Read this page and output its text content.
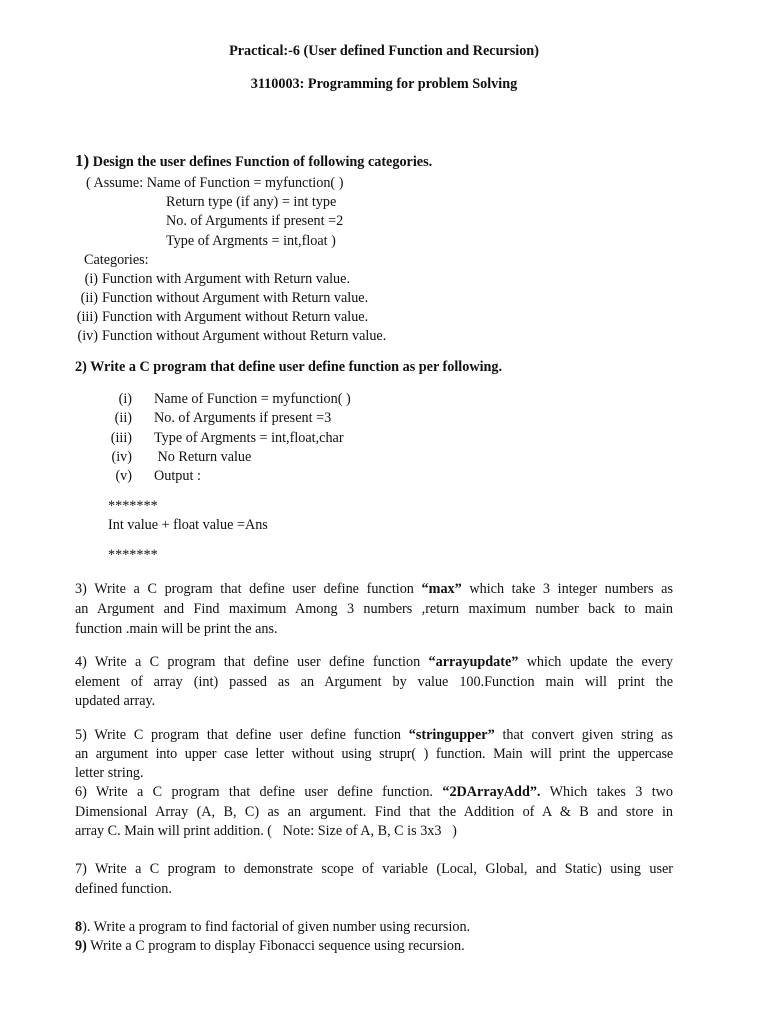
Practical:-6 (User defined Function and Recursion)
3110003: Programming for problem Solving
1) Design the user defines Function of following categories.
( Assume: Name of Function = myfunction( )
Return type (if any) = int type
No. of Arguments if present =2
Type of Argments = int,float )
Categories:
(i) Function with Argument with Return value.
(ii) Function without Argument with Return value.
(iii) Function with Argument without Return value.
(iv) Function without Argument without Return value.
2) Write a C program that define user define function as per following.
(i) Name of Function = myfunction( )
(ii) No. of Arguments if present =3
(iii) Type of Argments = int,float,char
(iv) No Return value
(v) Output :
*******
Int value + float value =Ans
*******
3) Write a C program that define user define function “max” which take 3 integer numbers as
an Argument and Find maximum Among 3 numbers ,return maximum number back to main
function .main will be print the ans.
4) Write a C program that define user define function “arrayupdate” which update the every
element of array (int) passed as an Argument by value 100.Function main will print the
updated array.
5) Write C program that define user define function “stringupper” that convert given string as
an argument into upper case letter without using strupr( ) function. Main will print the uppercase
letter string.
6) Write a C program that define user define function. “2DArrayAdd”. Which takes 3 two
Dimensional Array (A, B, C) as an argument. Find that the Addition of A & B and store in
array C. Main will print addition. (   Note: Size of A, B, C is 3x3   )
7) Write a C program to demonstrate scope of variable (Local, Global, and Static) using user
defined function.
8). Write a program to find factorial of given number using recursion.
9) Write a C program to display Fibonacci sequence using recursion.
